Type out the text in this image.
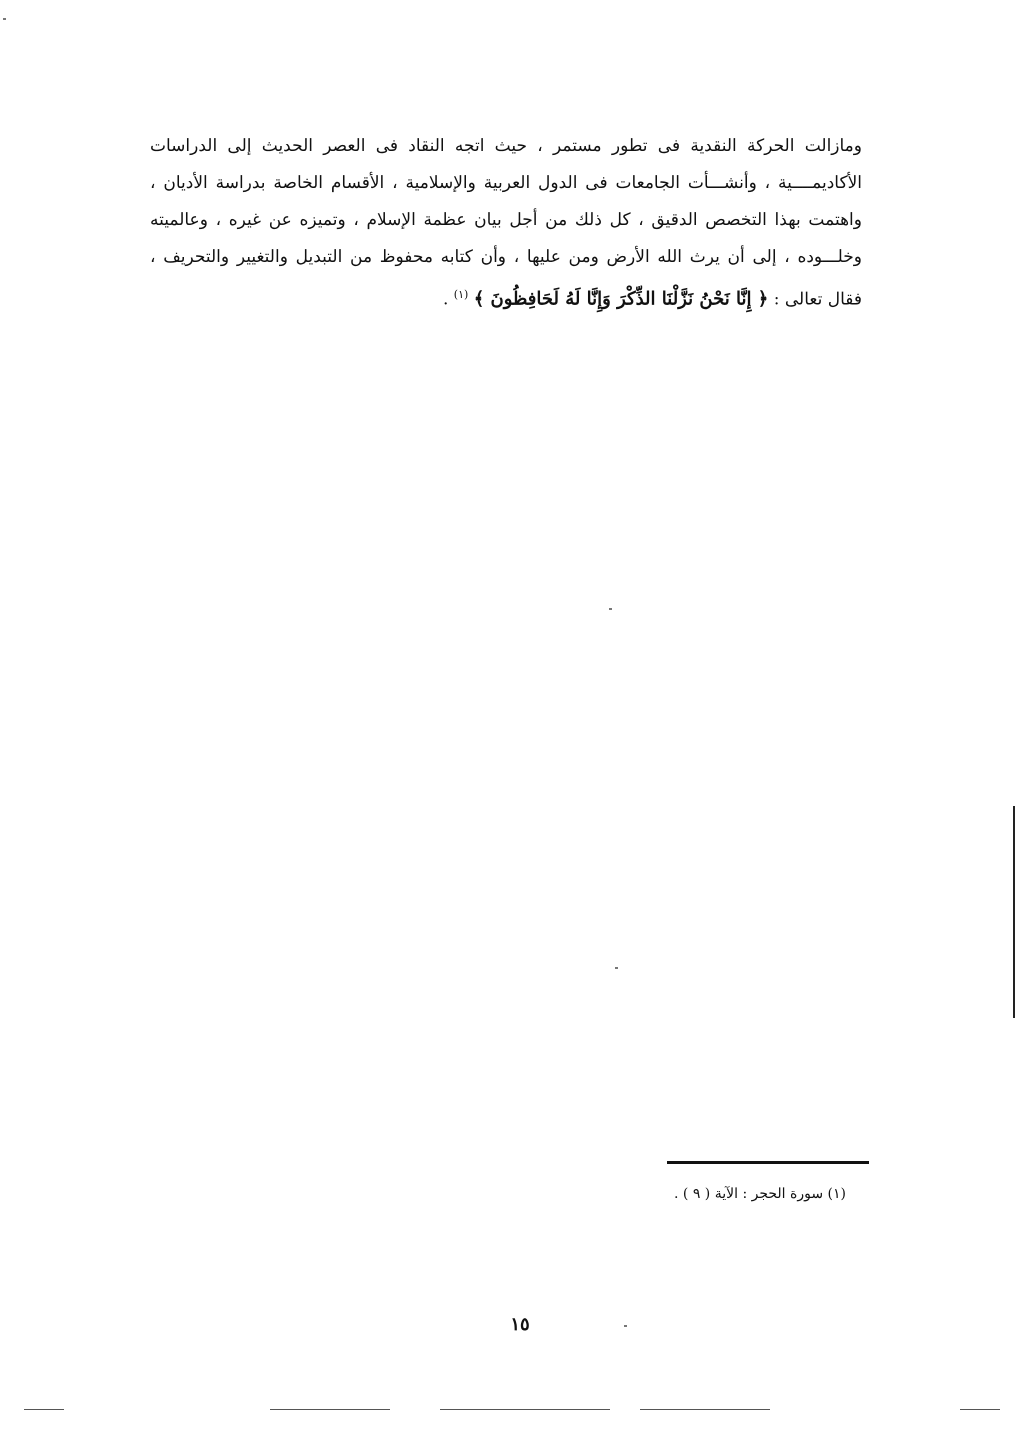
ومازالت الحركة النقدية فى تطور مستمر ، حيث اتجه النقاد فى العصر الحديث إلى الدراسات
الأكاديمــــية ، وأنشـــأت الجامعات فى الدول العربية والإسلامية ، الأقسام الخاصة بدراسة الأديان ،
واهتمت بهذا التخصص الدقيق ، كل ذلك من أجل بيان عظمة الإسلام ، وتميزه عن غيره ، وعالميته
وخلـــوده ، إلى أن يرث الله الأرض ومن عليها ، وأن كتابه محفوظ من التبديل والتغيير والتحريف ،
فقال تعالى : ﴿ إِنَّا نَحْنُ نَزَّلْنَا الذِّكْرَ وَإِنَّا لَهُ لَحَافِظُونَ ﴾ $^{(١)}$ .
(١) سورة الحجر : الآية ( ٩ ) .
١٥
